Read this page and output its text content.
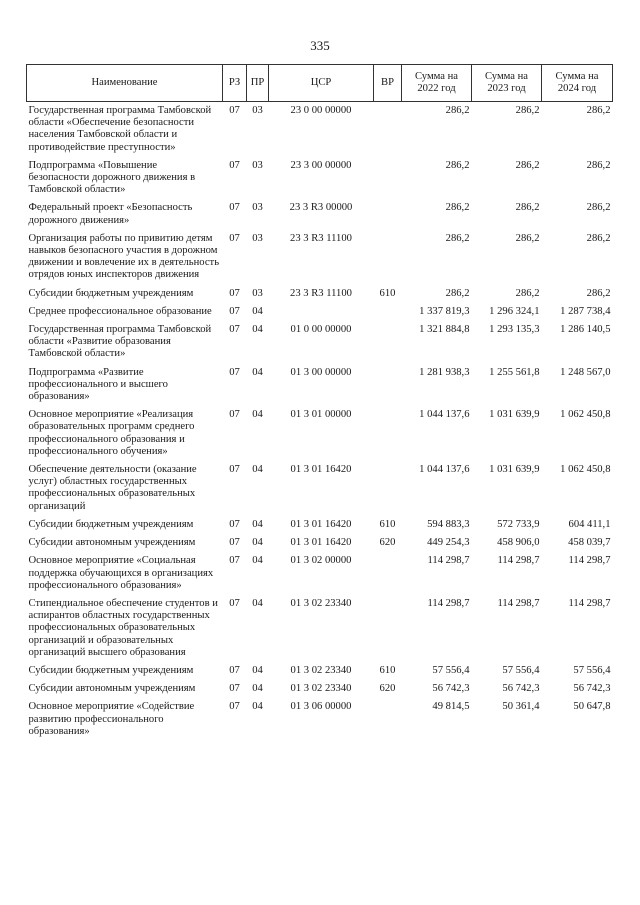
335
Наименование	РЗ	ПР	ЦСР	ВР	Сумма на 2022 год	Сумма на 2023 год	Сумма на 2024 год
Государственная программа Тамбовской области «Обеспечение безопасности населения Тамбовской области и противодействие преступности»	07	03	23 0 00 00000		286,2	286,2	286,2
Подпрограмма «Повышение безопасности дорожного движения в Тамбовской области»	07	03	23 3 00 00000		286,2	286,2	286,2
Федеральный проект «Безопасность дорожного движения»	07	03	23 3 R3 00000		286,2	286,2	286,2
Организация работы по привитию детям навыков безопасного участия в дорожном движении и вовлечение их в деятельность отрядов юных инспекторов движения	07	03	23 3 R3 11100		286,2	286,2	286,2
Субсидии бюджетным учреждениям	07	03	23 3 R3 11100	610	286,2	286,2	286,2
Среднее профессиональное образование	07	04			1 337 819,3	1 296 324,1	1 287 738,4
Государственная программа Тамбовской области «Развитие образования Тамбовской области»	07	04	01 0 00 00000		1 321 884,8	1 293 135,3	1 286 140,5
Подпрограмма «Развитие профессионального и высшего образования»	07	04	01 3 00 00000		1 281 938,3	1 255 561,8	1 248 567,0
Основное мероприятие «Реализация образовательных программ среднего профессионального образования и профессионального обучения»	07	04	01 3 01 00000		1 044 137,6	1 031 639,9	1 062 450,8
Обеспечение деятельности (оказание услуг) областных государственных профессиональных образовательных организаций	07	04	01 3 01 16420		1 044 137,6	1 031 639,9	1 062 450,8
Субсидии бюджетным учреждениям	07	04	01 3 01 16420	610	594 883,3	572 733,9	604 411,1
Субсидии автономным учреждениям	07	04	01 3 01 16420	620	449 254,3	458 906,0	458 039,7
Основное мероприятие «Социальная поддержка обучающихся в организациях профессионального образования»	07	04	01 3 02 00000		114 298,7	114 298,7	114 298,7
Стипендиальное обеспечение студентов и аспирантов областных государственных профессиональных образовательных организаций и образовательных организаций высшего образования	07	04	01 3 02 23340		114 298,7	114 298,7	114 298,7
Субсидии бюджетным учреждениям	07	04	01 3 02 23340	610	57 556,4	57 556,4	57 556,4
Субсидии автономным учреждениям	07	04	01 3 02 23340	620	56 742,3	56 742,3	56 742,3
Основное мероприятие «Содействие развитию профессионального образования»	07	04	01 3 06 00000		49 814,5	50 361,4	50 647,8
